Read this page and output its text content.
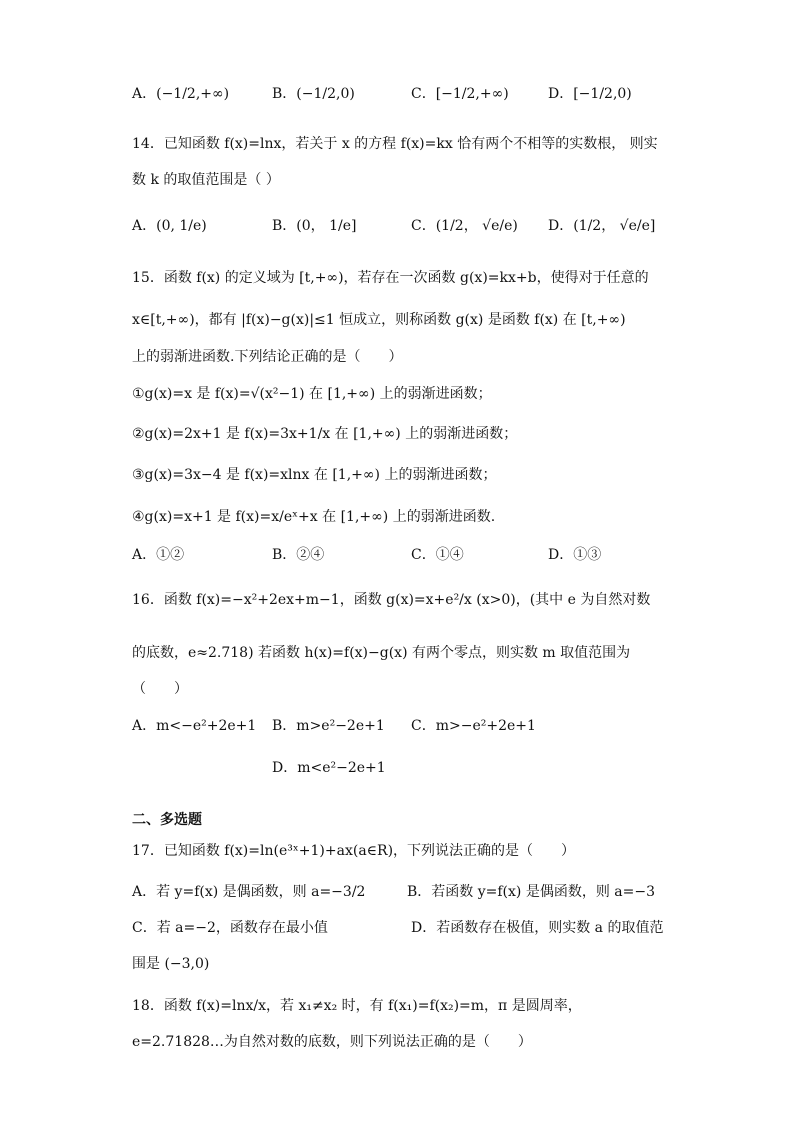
A．(−1/2,+∞)	B．(−1/2,0)	C．[−1/2,+∞)	D．[−1/2,0)
14．已知函数 f(x)=lnx，若关于 x 的方程 f(x)=kx 恰有两个不相等的实数根， 则实
数 k 的取值范围是（ ）
A．(0, 1/e)	B．(0， 1/e]	C．(1/2， √e/e) D．(1/2， √e/e]
15．函数 f(x) 的定义域为 [t,+∞)，若存在一次函数 g(x)=kx+b，使得对于任意的
x∈[t,+∞)，都有 |f(x)−g(x)|≤1 恒成立，则称函数 g(x) 是函数 f(x) 在 [t,+∞)
上的弱渐进函数.下列结论正确的是（　　）
①g(x)=x 是 f(x)=√(x²−1) 在 [1,+∞) 上的弱渐进函数；
②g(x)=2x+1 是 f(x)=3x+1/x 在 [1,+∞) 上的弱渐进函数；
③g(x)=3x−4 是 f(x)=xlnx 在 [1,+∞) 上的弱渐进函数；
④g(x)=x+1 是 f(x)=x/eˣ+x 在 [1,+∞) 上的弱渐进函数.
A．①②	B．②④	C．①④	D．①③
16．函数 f(x)=−x²+2ex+m−1，函数 g(x)=x+e²/x (x>0)，(其中 e 为自然对数
的底数，e≈2.718) 若函数 h(x)=f(x)−g(x) 有两个零点，则实数 m 取值范围为
（　　）
A．m<−e²+2e+1 B．m>e²−2e+1 C．m>−e²+2e+1
D．m<e²−2e+1
二、多选题
17．已知函数 f(x)=ln(e³ˣ+1)+ax(a∈R)，下列说法正确的是（　　）
A．若 y=f(x) 是偶函数，则 a=−3/2	B．若函数 y=f(x) 是偶函数，则 a=−3
C．若 a=−2，函数存在最小值	D．若函数存在极值，则实数 a 的取值范
围是 (−3,0)
18．函数 f(x)=lnx/x，若 x₁≠x₂ 时，有 f(x₁)=f(x₂)=m，π 是圆周率，
e=2.71828…为自然对数的底数，则下列说法正确的是（　　）
